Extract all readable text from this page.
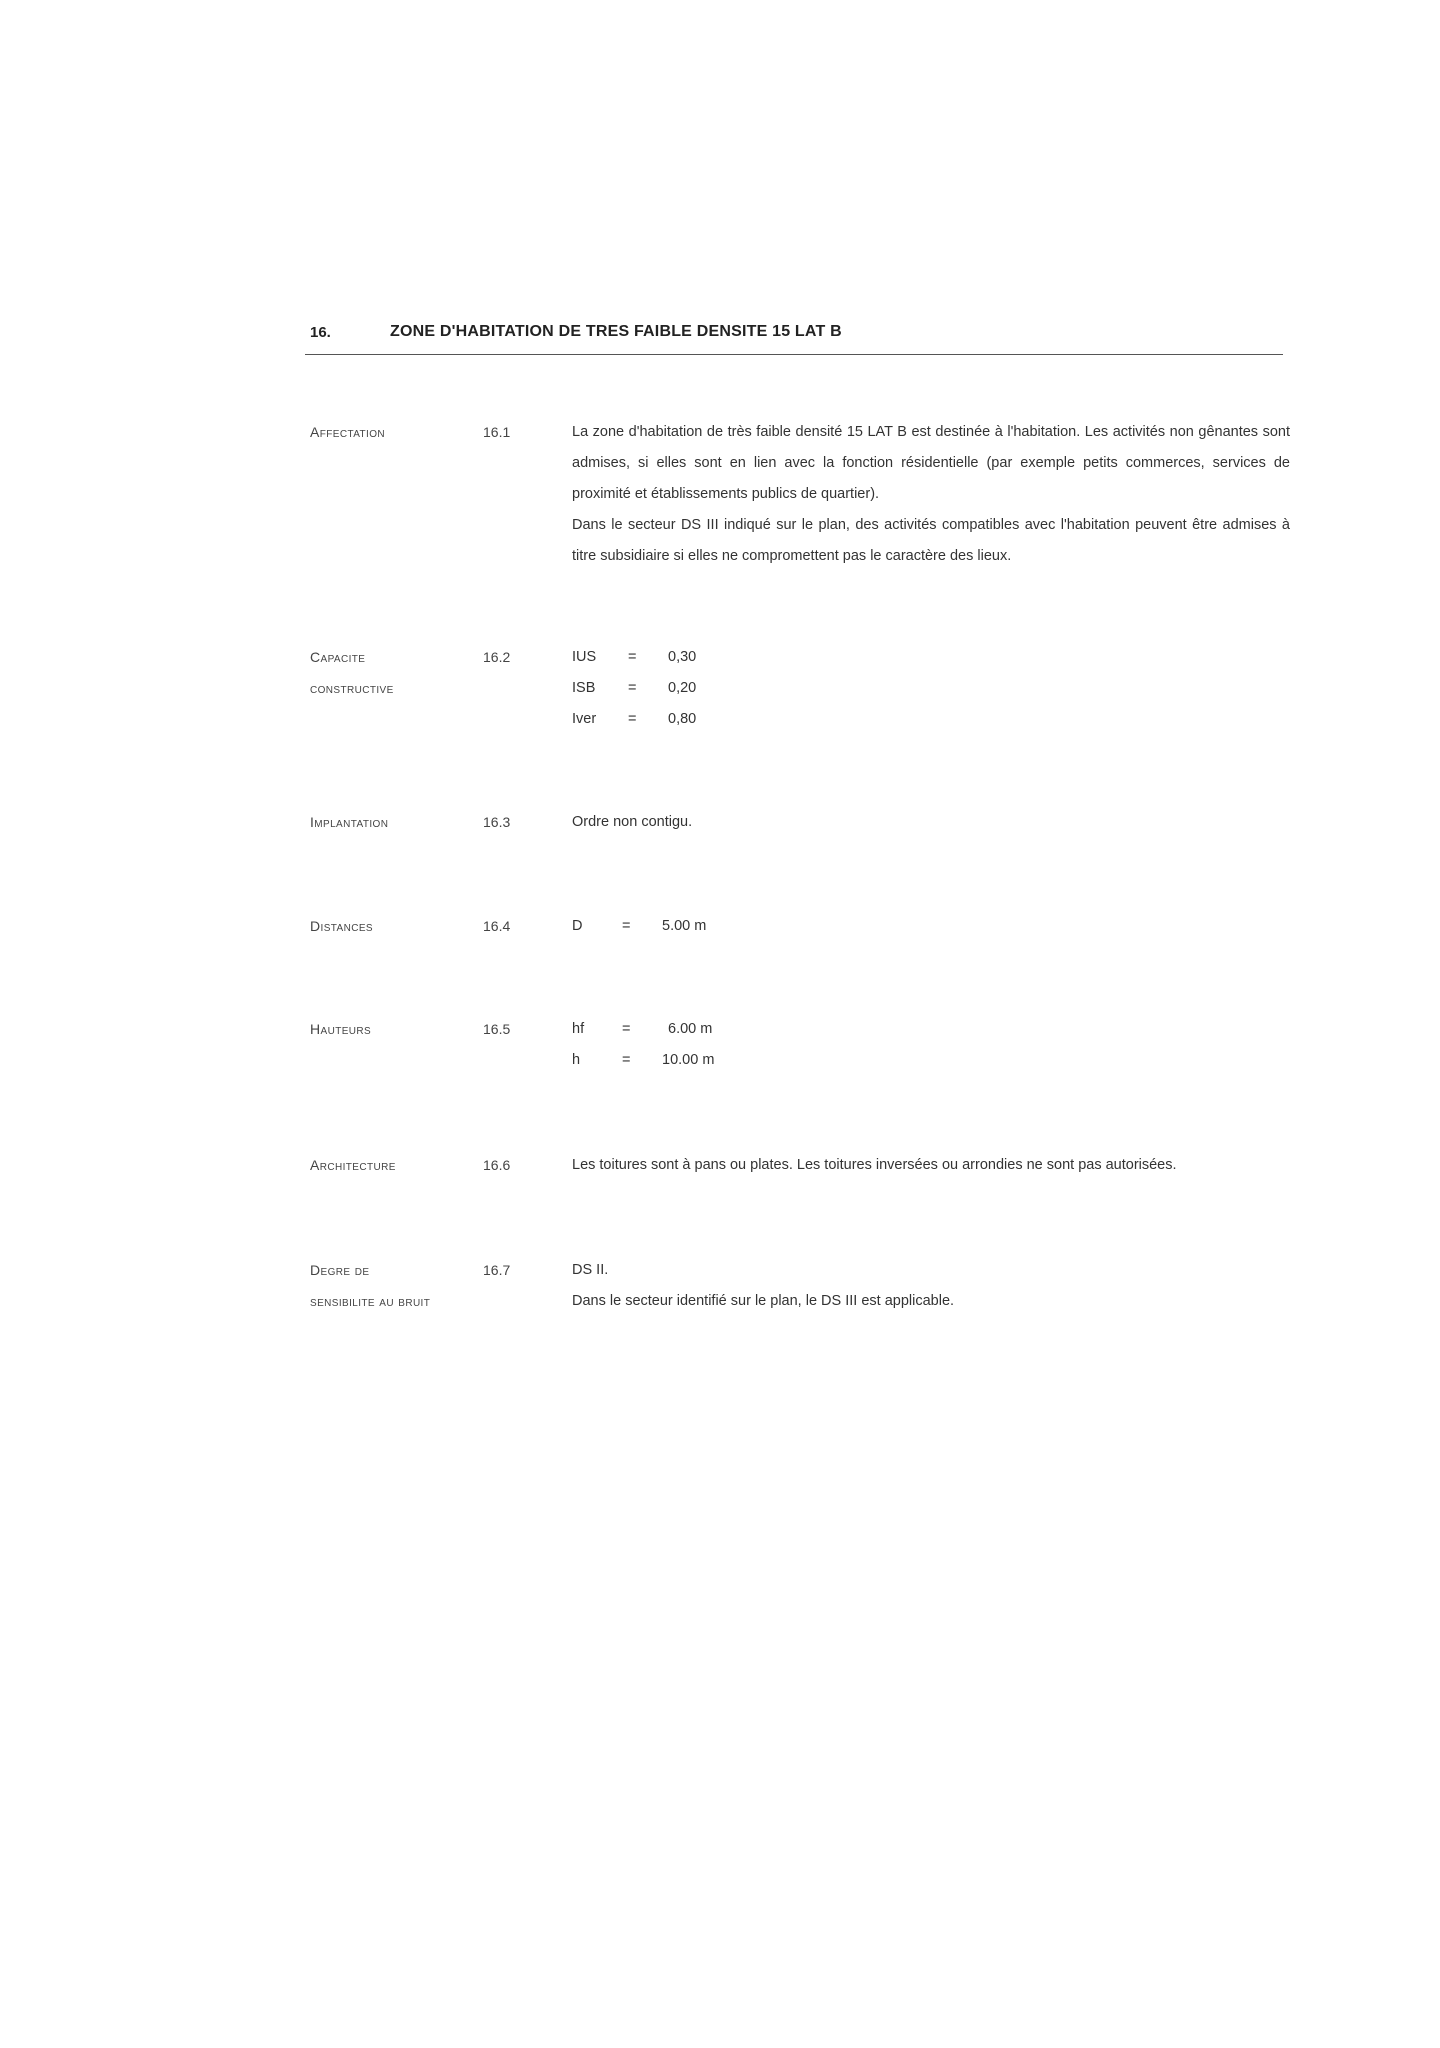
16.	ZONE D'HABITATION DE TRES FAIBLE DENSITE 15 LAT B
Affectation	16.1	La zone d'habitation de très faible densité 15 LAT B est destinée à l'habitation. Les activités non gênantes sont admises, si elles sont en lien avec la fonction résidentielle (par exemple petits commerces, services de proximité et établissements publics de quartier).

Dans le secteur DS III indiqué sur le plan, des activités compatibles avec l'habitation peuvent être admises à titre subsidiaire si elles ne compromettent pas le caractère des lieux.

Capacite
constructive
16.2	IUS	=	0,30
ISB	=	0,20
Iver	=	0,80
Implantation	16.3	Ordre non contigu.
Distances	16.4	D	=	5.00 m
Hauteurs	16.5	hf	=	6.00 m
h	=	10.00 m
Architecture	16.6	Les toitures sont à pans ou plates. Les toitures inversées ou arrondies ne sont pas autorisées.
Degre de
sensibilite au bruit
16.7	DS II.
Dans le secteur identifié sur le plan, le DS III est applicable.
